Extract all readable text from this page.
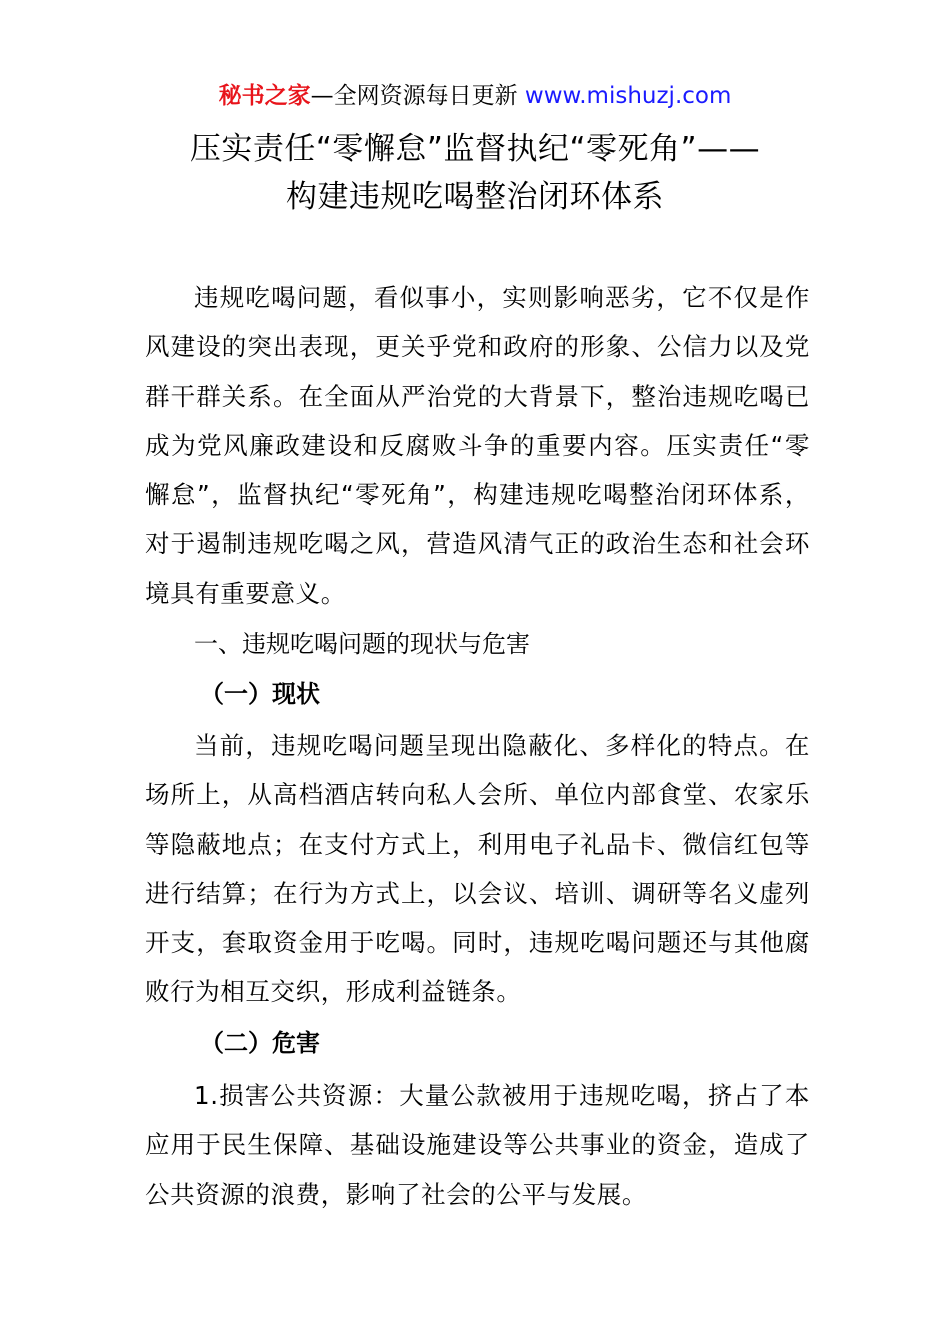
秘书之家—全网资源每日更新 www.mishuzj.com
压实责任“零懈怠”监督执纪“零死角”——
构建违规吃喝整治闭环体系

违规吃喝问题，看似事小，实则影响恶劣，它不仅是作风建设的突出表现，更关乎党和政府的形象、公信力以及党群干群关系。在全面从严治党的大背景下，整治违规吃喝已成为党风廉政建设和反腐败斗争的重要内容。压实责任“零懈怠”，监督执纪“零死角”，构建违规吃喝整治闭环体系，对于遏制违规吃喝之风，营造风清气正的政治生态和社会环境具有重要意义。

一、违规吃喝问题的现状与危害
（一）现状

当前，违规吃喝问题呈现出隐蔽化、多样化的特点。在场所上，从高档酒店转向私人会所、单位内部食堂、农家乐等隐蔽地点；在支付方式上，利用电子礼品卡、微信红包等进行结算；在行为方式上，以会议、培训、调研等名义虚列开支，套取资金用于吃喝。同时，违规吃喝问题还与其他腐败行为相互交织，形成利益链条。

（二）危害

1.损害公共资源：大量公款被用于违规吃喝，挤占了本应用于民生保障、基础设施建设等公共事业的资金，造成了公共资源的浪费，影响了社会的公平与发展。
